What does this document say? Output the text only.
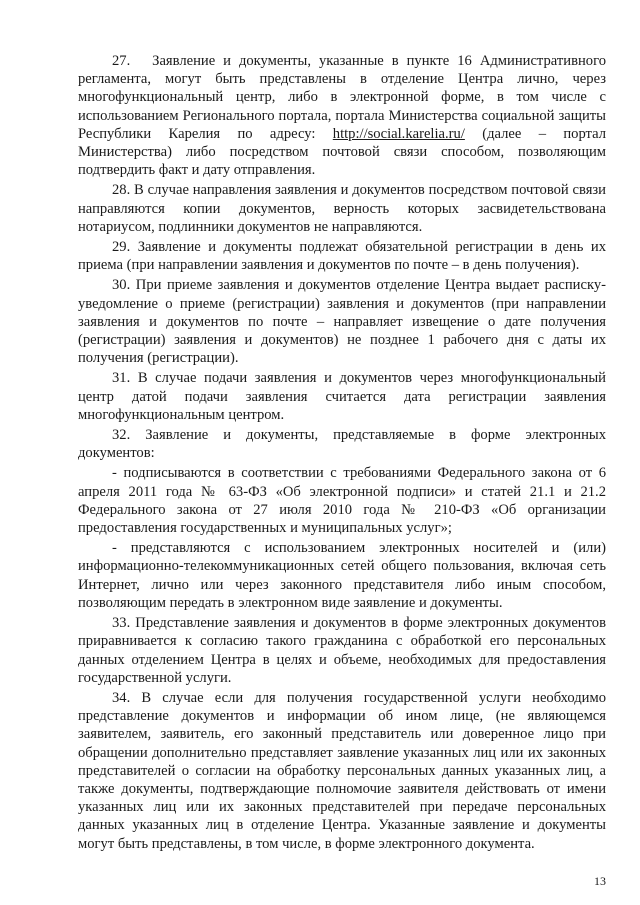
27.  Заявление и документы, указанные в пункте 16 Административного регламента, могут быть представлены в отделение Центра лично, через многофункциональный центр, либо в электронной форме, в том числе с использованием Регионального портала, портала Министерства социальной защиты Республики Карелия по адресу: http://social.karelia.ru/ (далее – портал Министерства) либо посредством почтовой связи способом, позволяющим подтвердить факт и дату отправления.

28. В случае направления заявления и документов посредством почтовой связи направляются копии документов, верность которых засвидетельствована нотариусом, подлинники документов не направляются.

29. Заявление и документы подлежат обязательной регистрации в день их приема (при направлении заявления и документов по почте – в день получения).

30. При приеме заявления и документов отделение Центра выдает расписку-уведомление о приеме (регистрации) заявления и документов (при направлении заявления и документов по почте – направляет извещение о дате получения (регистрации) заявления и документов) не позднее 1 рабочего дня с даты их получения (регистрации).

31. В случае подачи заявления и документов через многофункциональный центр датой подачи заявления считается дата регистрации заявления многофункциональным центром.

32. Заявление и документы, представляемые в форме электронных документов:

- подписываются в соответствии с требованиями Федерального закона от 6 апреля 2011 года № 63-ФЗ «Об электронной подписи» и статей 21.1 и 21.2 Федерального закона от 27 июля 2010 года № 210-ФЗ «Об организации предоставления государственных и муниципальных услуг»;

- представляются с использованием электронных носителей и (или) информационно-телекоммуникационных сетей общего пользования, включая сеть Интернет, лично или через законного представителя либо иным способом, позволяющим передать в электронном виде заявление и документы.

33. Представление заявления и документов в форме электронных документов приравнивается к согласию такого гражданина с обработкой его персональных данных отделением Центра в целях и объеме, необходимых для предоставления государственной услуги.

34. В случае если для получения государственной услуги необходимо представление документов и информации об ином лице, (не являющемся заявителем, заявитель, его законный представитель или доверенное лицо при обращении дополнительно представляет заявление указанных лиц или их законных представителей о согласии на обработку персональных данных указанных лиц, а также документы, подтверждающие полномочие заявителя действовать от имени указанных лиц или их законных представителей при передаче персональных данных указанных лиц в отделение Центра. Указанные заявление и документы могут быть представлены, в том числе, в форме электронного документа.

13
